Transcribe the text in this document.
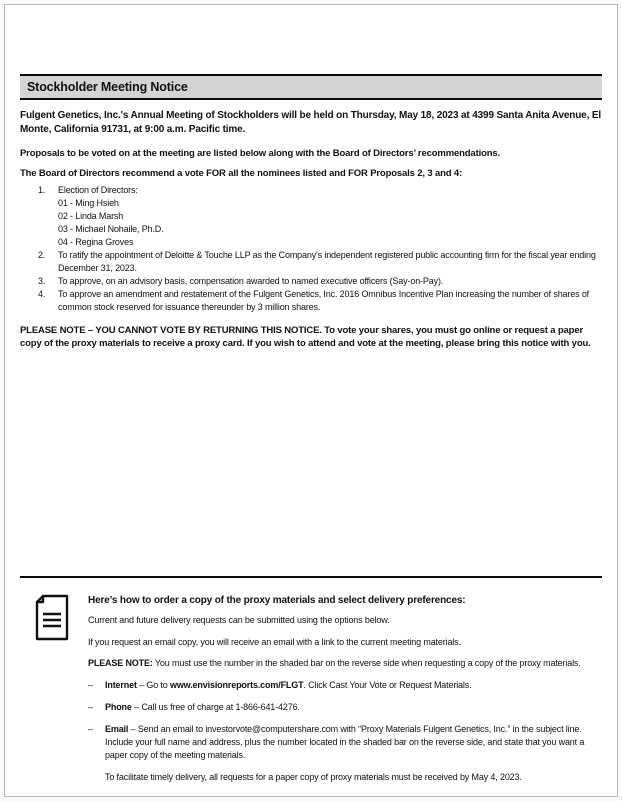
Stockholder Meeting Notice

Fulgent Genetics, Inc.'s Annual Meeting of Stockholders will be held on Thursday, May 18, 2023 at 4399 Santa Anita Avenue, El Monte, California 91731, at 9:00 a.m. Pacific time.

Proposals to be voted on at the meeting are listed below along with the Board of Directors’ recommendations.

The Board of Directors recommend a vote FOR all the nominees listed and FOR Proposals 2, 3 and 4:

1.	Election of Directors:
01 - Ming Hsieh
02 - Linda Marsh
03 - Michael Nohaile, Ph.D.
04 - Regina Groves
2.	To ratify the appointment of Deloitte & Touche LLP as the Company's independent registered public accounting firm for the fiscal year ending December 31, 2023.
3.	To approve, on an advisory basis, compensation awarded to named executive officers (Say-on-Pay).
4.	To approve an amendment and restatement of the Fulgent Genetics, Inc. 2016 Omnibus Incentive Plan increasing the number of shares of common stock reserved for issuance thereunder by 3 million shares.

PLEASE NOTE – YOU CANNOT VOTE BY RETURNING THIS NOTICE. To vote your shares, you must go online or request a paper copy of the proxy materials to receive a proxy card. If you wish to attend and vote at the meeting, please bring this notice with you.

Here’s how to order a copy of the proxy materials and select delivery preferences:

Current and future delivery requests can be submitted using the options below.

If you request an email copy, you will receive an email with a link to the current meeting materials.

PLEASE NOTE: You must use the number in the shaded bar on the reverse side when requesting a copy of the proxy materials.

–	Internet – Go to www.envisionreports.com/FLGT. Click Cast Your Vote or Request Materials.
–	Phone – Call us free of charge at 1-866-641-4276.
–	Email – Send an email to investorvote@computershare.com with “Proxy Materials Fulgent Genetics, Inc.” in the subject line. Include your full name and address, plus the number located in the shaded bar on the reverse side, and state that you want a paper copy of the meeting materials.

To facilitate timely delivery, all requests for a paper copy of proxy materials must be received by May 4, 2023.
